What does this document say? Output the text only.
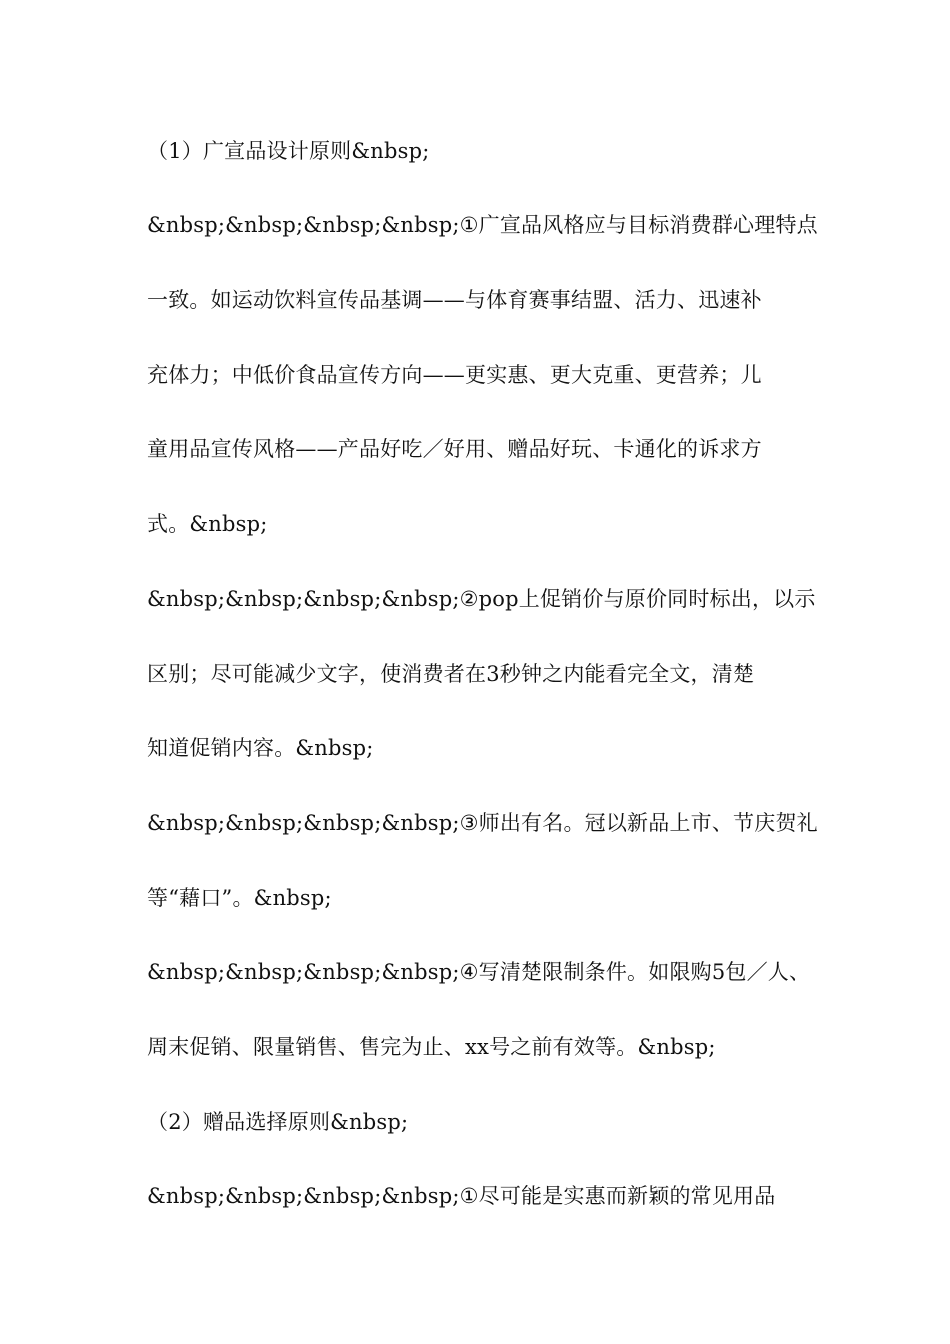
（1）广宣品设计原则&nbsp;
&nbsp;&nbsp;&nbsp;&nbsp;①广宣品风格应与目标消费群心理特点
一致。如运动饮料宣传品基调——与体育赛事结盟、活力、迅速补
充体力；中低价食品宣传方向——更实惠、更大克重、更营养；儿
童用品宣传风格——产品好吃／好用、赠品好玩、卡通化的诉求方
式。&nbsp;
&nbsp;&nbsp;&nbsp;&nbsp;②pop上促销价与原价同时标出，以示
区别；尽可能减少文字，使消费者在3秒钟之内能看完全文，清楚
知道促销内容。&nbsp;
&nbsp;&nbsp;&nbsp;&nbsp;③师出有名。冠以新品上市、节庆贺礼
等“藉口”。&nbsp;
&nbsp;&nbsp;&nbsp;&nbsp;④写清楚限制条件。如限购5包／人、
周末促销、限量销售、售完为止、xx号之前有效等。&nbsp;
（2）赠品选择原则&nbsp;
&nbsp;&nbsp;&nbsp;&nbsp;①尽可能是实惠而新颖的常见用品
